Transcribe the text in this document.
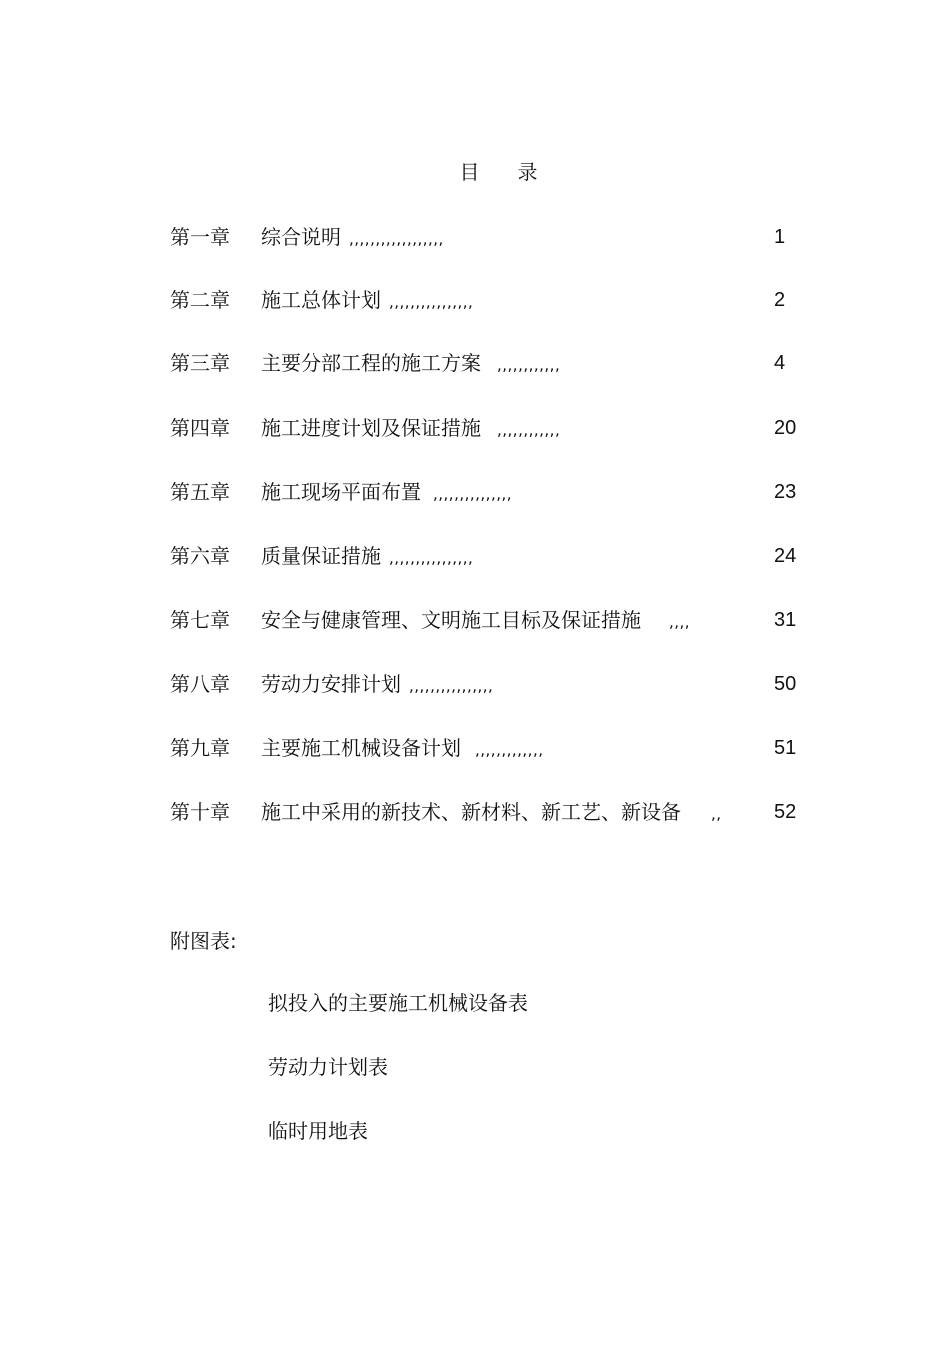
目 录
第一章 综合说明 ,,,,,,,,,,,,,,,,,,	1
第二章 施工总体计划 ,,,,,,,,,,,,,,,,	2
第三章 主要分部工程的施工方案 ,,,,,,,,,,,,	4
第四章 施工进度计划及保证措施 ,,,,,,,,,,,,	20
第五章 施工现场平面布置 ,,,,,,,,,,,,,,,	23
第六章 质量保证措施 ,,,,,,,,,,,,,,,,	24
第七章 安全与健康管理、文明施工目标及保证措施 ,,,,	31
第八章 劳动力安排计划 ,,,,,,,,,,,,,,,,	50
第九章 主要施工机械设备计划 ,,,,,,,,,,,,,	51
第十章 施工中采用的新技术、新材料、新工艺、新设备 ,,	52
附图表:
拟投入的主要施工机械设备表
劳动力计划表
临时用地表
